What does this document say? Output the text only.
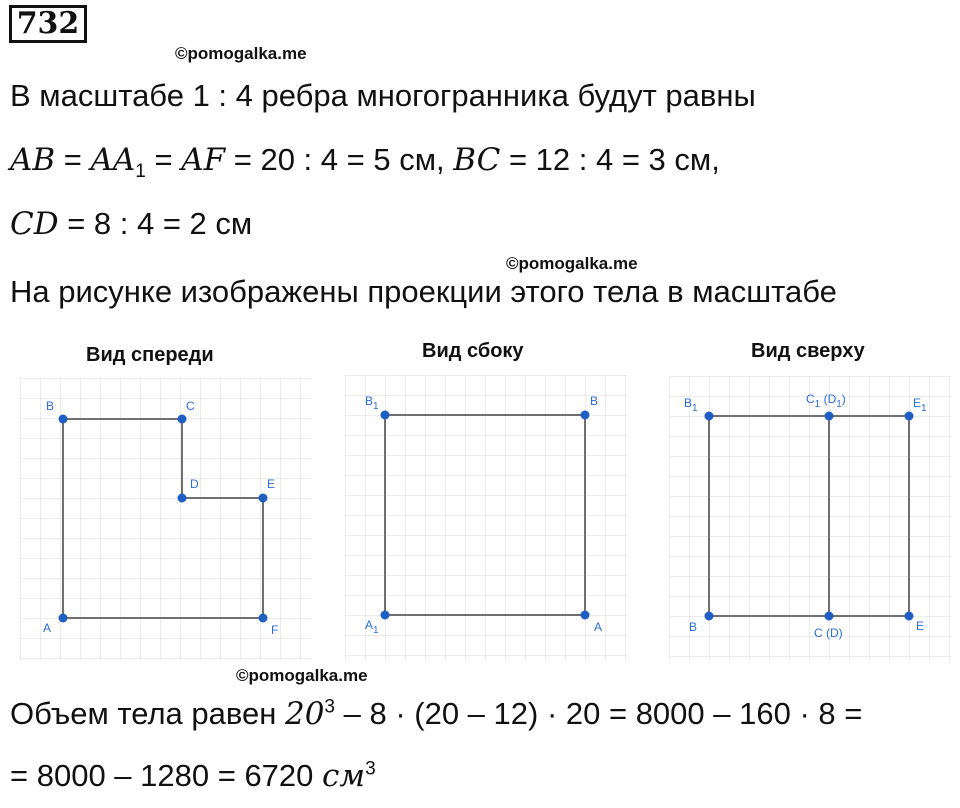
732
©pomogalka.me
В масштабе 1 : 4 ребра многогранника будут равны
AB = $AA_1$ = AF = 20 : 4 = 5 см, BC = 12 : 4 = 3 см,
CD = 8 : 4 = 2 см
©pomogalka.me
На рисунке изображены проекции этого тела в масштабе
Вид спереди	Вид сбоку	Вид сверху
B	C
D	E
A	F
$B_1$	B
$A_1$	A
$B_1$
$C_1$ $(D_1)$	$E_1$
B	C (D)	E
©pomogalka.me
Объем тела равен $20^3 - 8 \cdot (20 - 12) \cdot 20 = 8000 - 160 \cdot 8$ =
= 8000 – 1280 = 6720 $см^3$
